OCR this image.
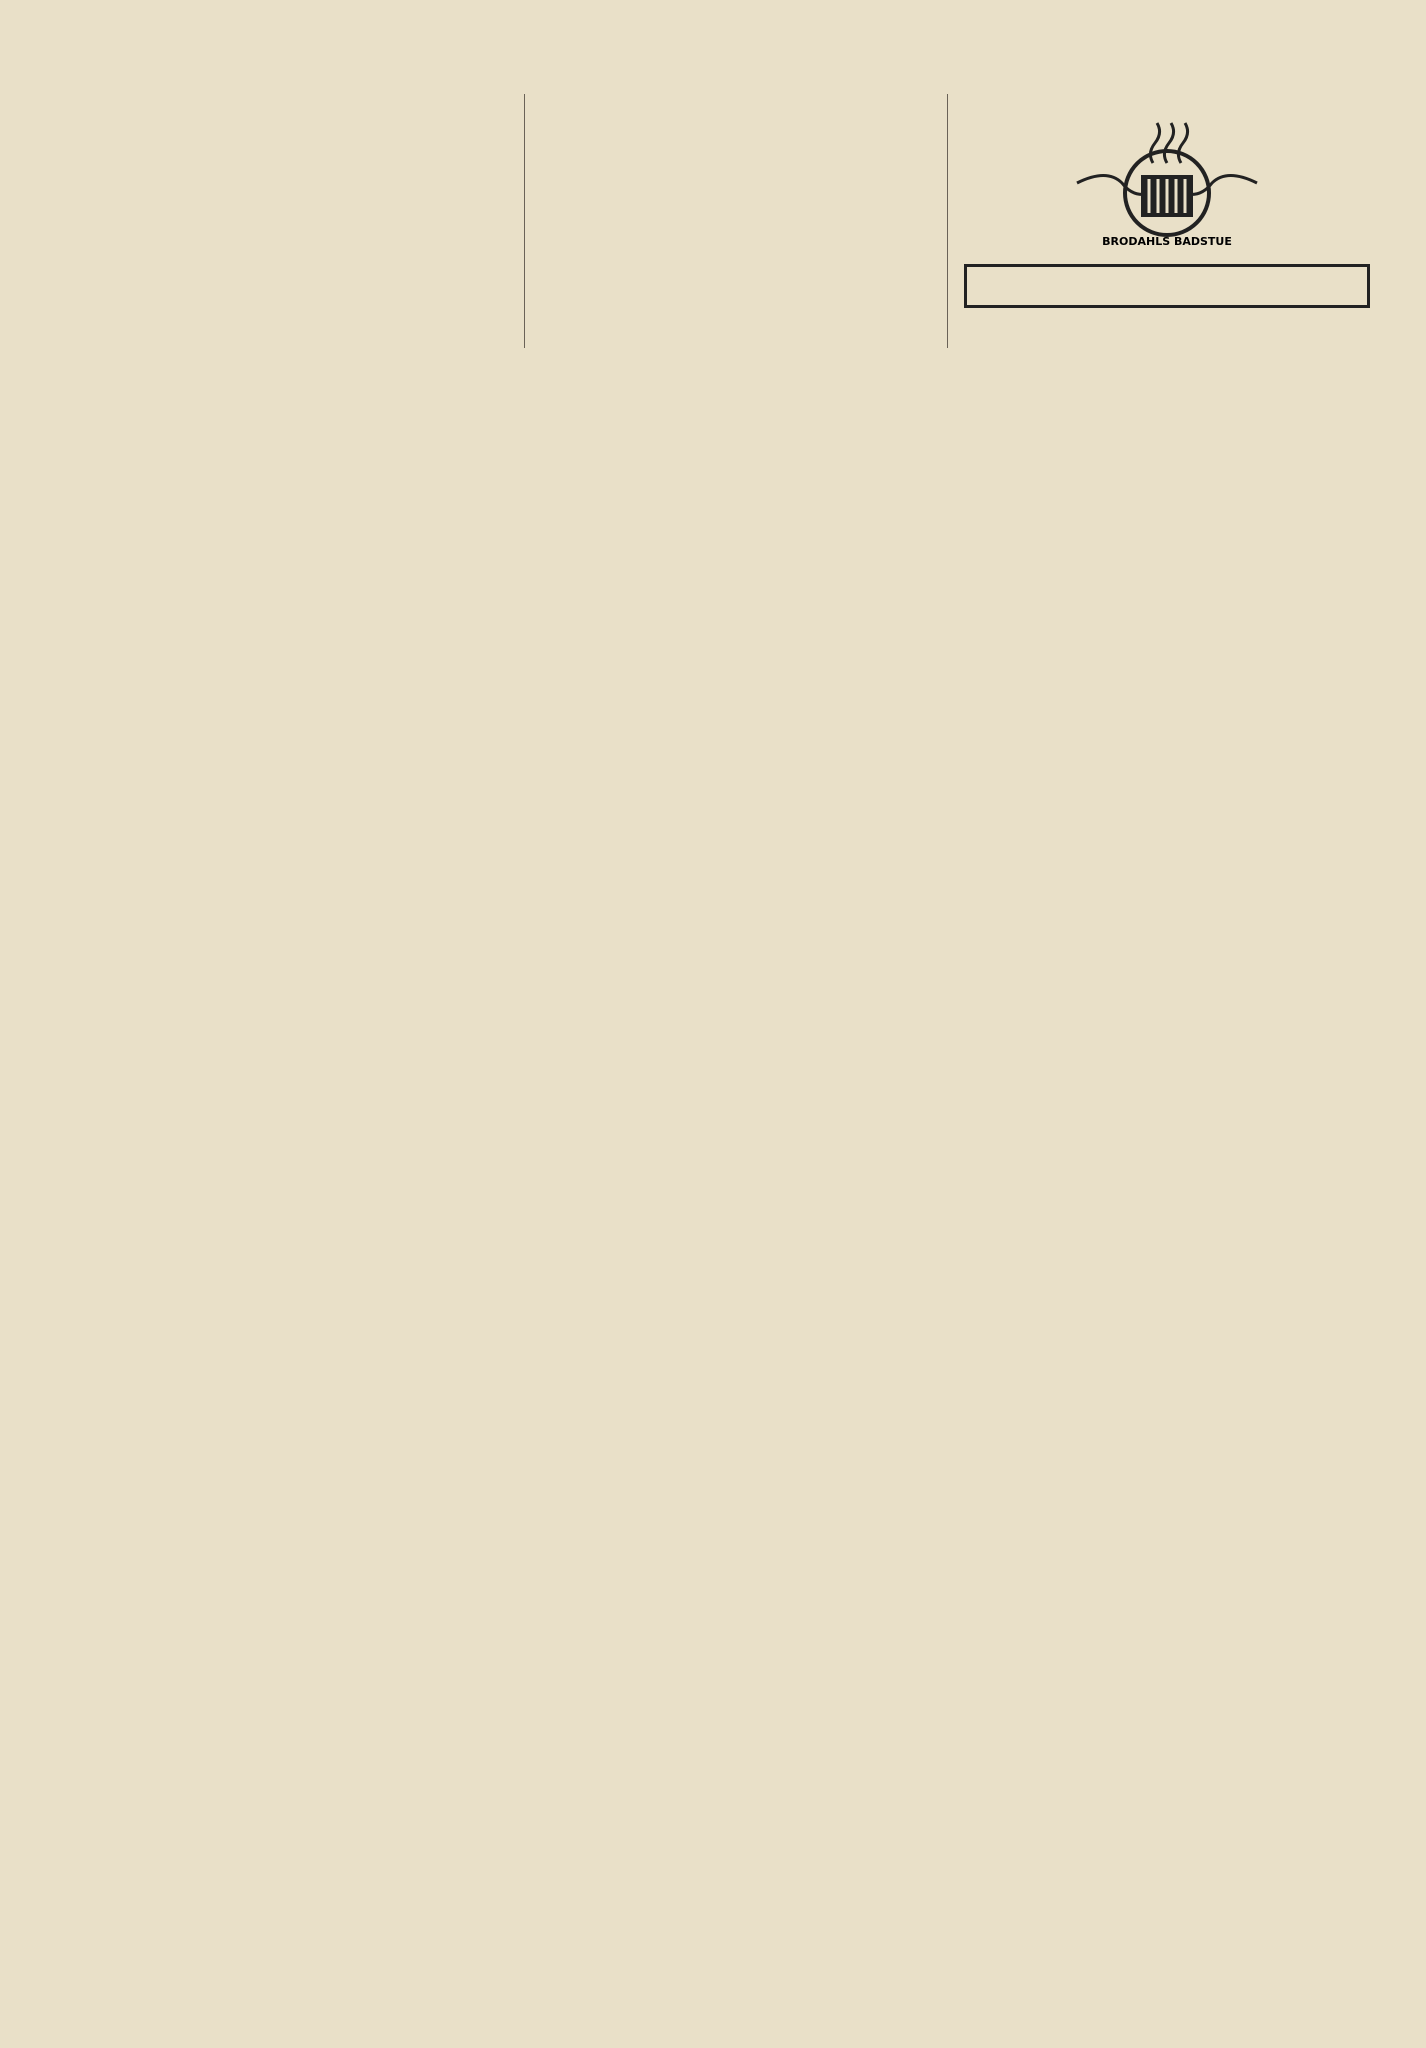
BRODAHLS BADSTUE
